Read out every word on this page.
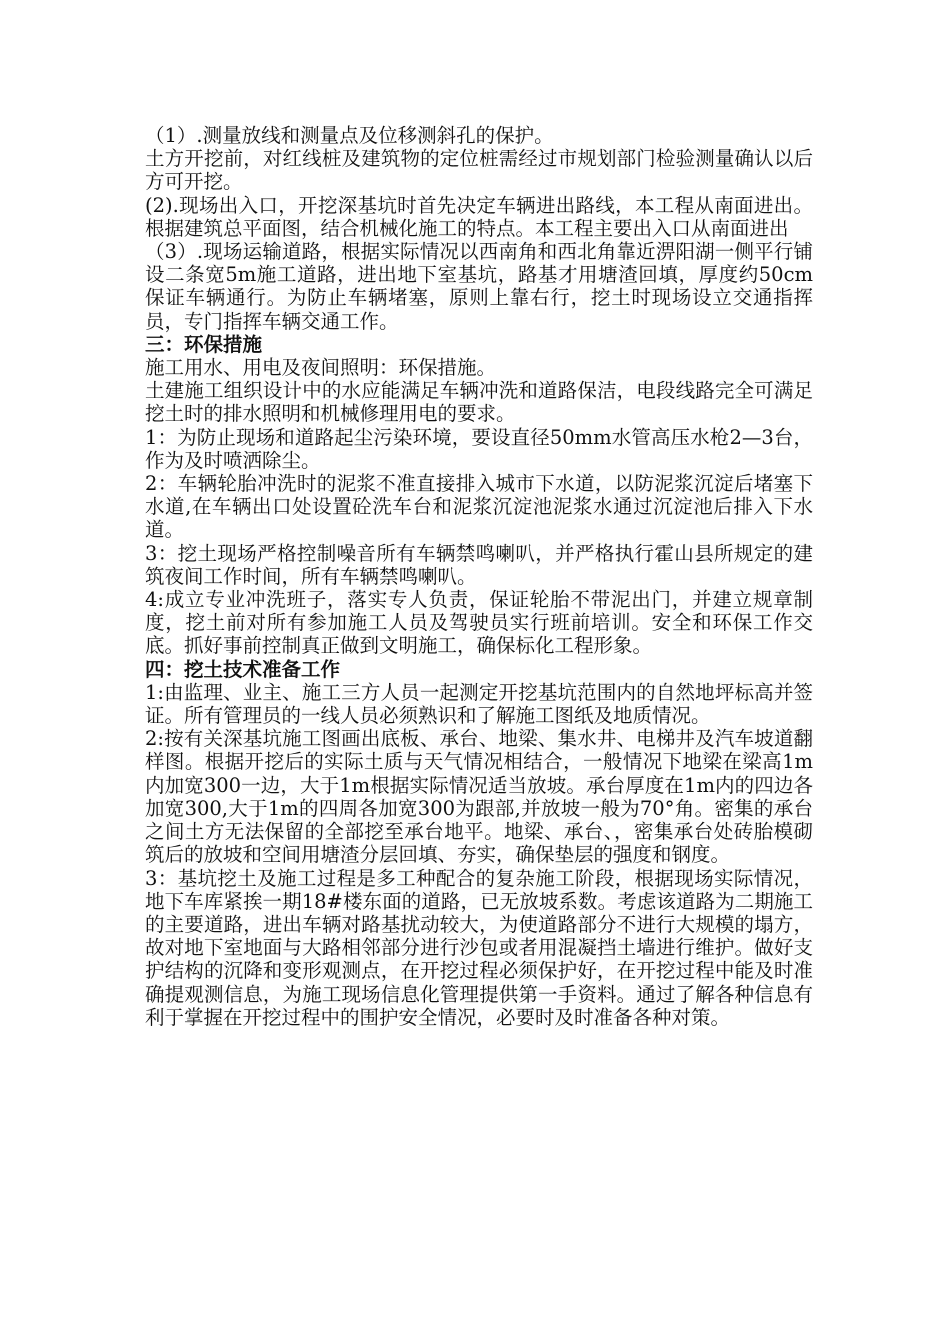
（1）.测量放线和测量点及位移测斜孔的保护。

土方开挖前，对红线桩及建筑物的定位桩需经过市规划部门检验测量确认以后方可开挖。

(2).现场出入口，开挖深基坑时首先决定车辆进出路线，本工程从南面进出。根据建筑总平面图，结合机械化施工的特点。本工程主要出入口从南面进出

（3）.现场运输道路，根据实际情况以西南角和西北角靠近淠阳湖一侧平行铺设二条宽5m施工道路，进出地下室基坑，路基才用塘渣回填，厚度约50cm保证车辆通行。为防止车辆堵塞，原则上靠右行，挖土时现场设立交通指挥员，专门指挥车辆交通工作。

三：环保措施

施工用水、用电及夜间照明：环保措施。

土建施工组织设计中的水应能满足车辆冲洗和道路保洁，电段线路完全可满足挖土时的排水照明和机械修理用电的要求。

1：为防止现场和道路起尘污染环境，要设直径50mm水管高压水枪2—3台，作为及时喷洒除尘。

2：车辆轮胎冲洗时的泥浆不准直接排入城市下水道，以防泥浆沉淀后堵塞下水道,在车辆出口处设置砼洗车台和泥浆沉淀池泥浆水通过沉淀池后排入下水道。

3：挖土现场严格控制噪音所有车辆禁鸣喇叭，并严格执行霍山县所规定的建筑夜间工作时间，所有车辆禁鸣喇叭。

4:成立专业冲洗班子，落实专人负责，保证轮胎不带泥出门，并建立规章制度，挖土前对所有参加施工人员及驾驶员实行班前培训。安全和环保工作交底。抓好事前控制真正做到文明施工，确保标化工程形象。

四：挖土技术准备工作

1:由监理、业主、施工三方人员一起测定开挖基坑范围内的自然地坪标高并签证。所有管理员的一线人员必须熟识和了解施工图纸及地质情况。

2:按有关深基坑施工图画出底板、承台、地梁、集水井、电梯井及汽车坡道翻样图。根据开挖后的实际土质与天气情况相结合，一般情况下地梁在梁高1m内加宽300一边，大于1m根据实际情况适当放坡。承台厚度在1m内的四边各加宽300,大于1m的四周各加宽300为跟部,并放坡一般为70°角。密集的承台之间土方无法保留的全部挖至承台地平。地梁、承台、，密集承台处砖胎模砌筑后的放坡和空间用塘渣分层回填、夯实，确保垫层的强度和钢度。

3：基坑挖土及施工过程是多工种配合的复杂施工阶段，根据现场实际情况，地下车库紧挨一期18#楼东面的道路，已无放坡系数。考虑该道路为二期施工的主要道路，进出车辆对路基扰动较大，为使道路部分不进行大规模的塌方，故对地下室地面与大路相邻部分进行沙包或者用混凝挡土墙进行维护。做好支护结构的沉降和变形观测点，在开挖过程必须保护好，在开挖过程中能及时准确提观测信息，为施工现场信息化管理提供第一手资料。通过了解各种信息有利于掌握在开挖过程中的围护安全情况，必要时及时准备各种对策。
